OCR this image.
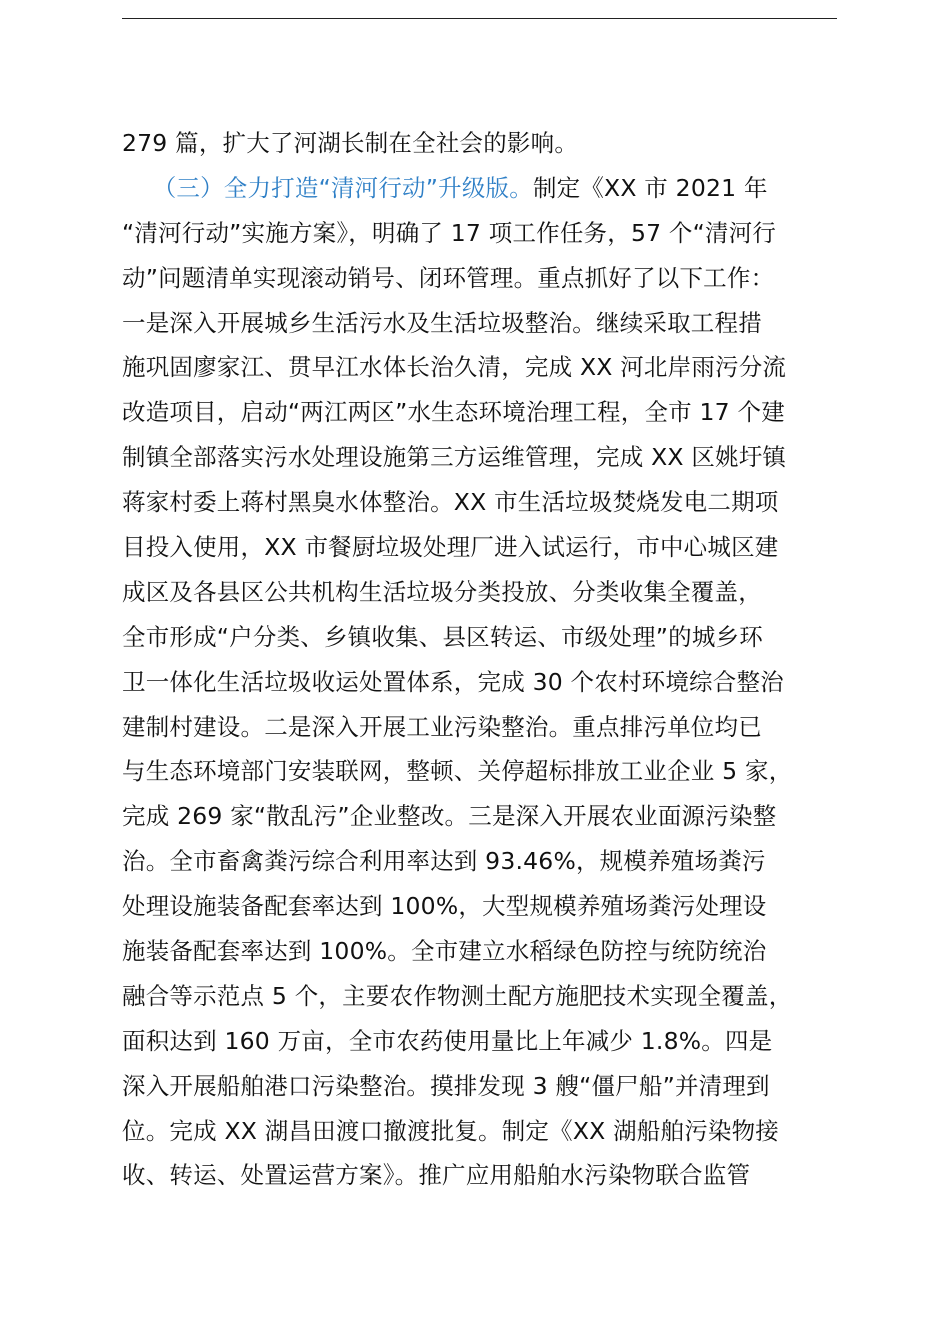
279 篇，扩大了河湖长制在全社会的影响。
（三）全力打造“清河行动”升级版。制定《XX 市 2021 年
“清河行动”实施方案》，明确了 17 项工作任务，57 个“清河行
动”问题清单实现滚动销号、闭环管理。重点抓好了以下工作：
一是深入开展城乡生活污水及生活垃圾整治。继续采取工程措
施巩固廖家江、贯早江水体长治久清，完成 XX 河北岸雨污分流
改造项目，启动“两江两区”水生态环境治理工程，全市 17 个建
制镇全部落实污水处理设施第三方运维管理，完成 XX 区姚圩镇
蒋家村委上蒋村黑臭水体整治。XX 市生活垃圾焚烧发电二期项
目投入使用，XX 市餐厨垃圾处理厂进入试运行，市中心城区建
成区及各县区公共机构生活垃圾分类投放、分类收集全覆盖，
全市形成“户分类、乡镇收集、县区转运、市级处理”的城乡环
卫一体化生活垃圾收运处置体系，完成 30 个农村环境综合整治
建制村建设。二是深入开展工业污染整治。重点排污单位均已
与生态环境部门安装联网，整顿、关停超标排放工业企业 5 家，
完成 269 家“散乱污”企业整改。三是深入开展农业面源污染整
治。全市畜禽粪污综合利用率达到 93.46%，规模养殖场粪污
处理设施装备配套率达到 100%，大型规模养殖场粪污处理设
施装备配套率达到 100%。全市建立水稻绿色防控与统防统治
融合等示范点 5 个，主要农作物测土配方施肥技术实现全覆盖，
面积达到 160 万亩，全市农药使用量比上年减少 1.8%。四是
深入开展船舶港口污染整治。摸排发现 3 艘“僵尸船”并清理到
位。完成 XX 湖昌田渡口撤渡批复。制定《XX 湖船舶污染物接
收、转运、处置运营方案》。推广应用船舶水污染物联合监管
